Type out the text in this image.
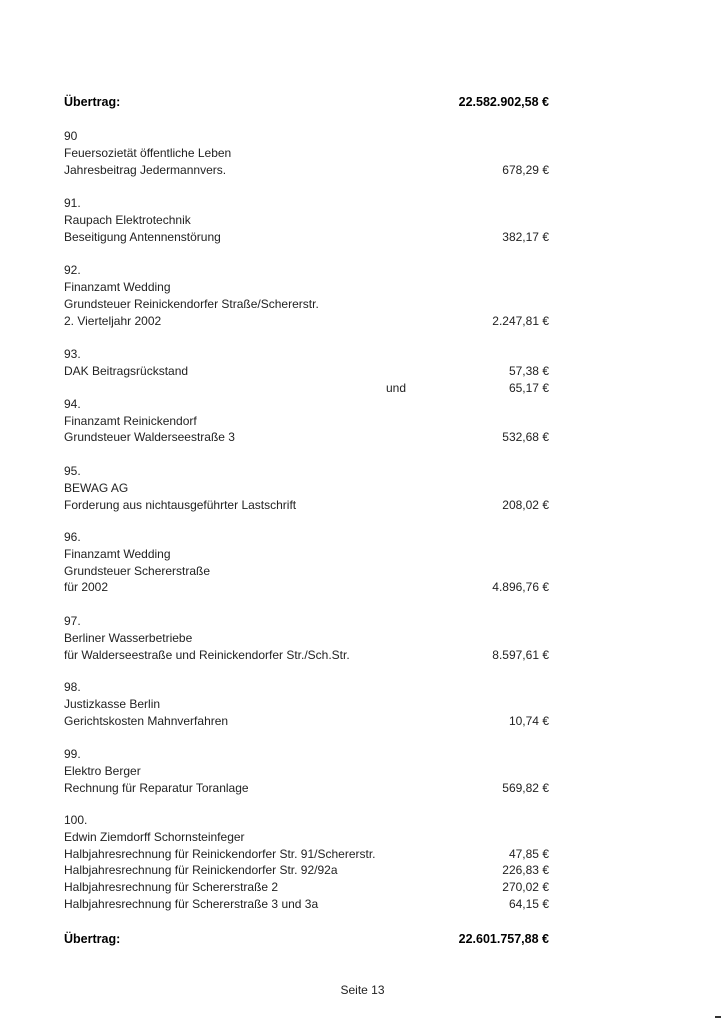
Übertrag:	22.582.902,58 €
90
Feuersozietät öffentliche Leben
Jahresbeitrag Jedermannvers.	678,29 €
91.
Raupach Elektrotechnik
Beseitigung Antennenstörung	382,17 €
92.
Finanzamt Wedding
Grundsteuer Reinickendorfer Straße/Schererstr.
2. Vierteljahr 2002	2.247,81 €
93.
DAK Beitragsrückstand	57,38 €
und	65,17 €
94.
Finanzamt Reinickendorf
Grundsteuer Walderseestraße 3	532,68 €
95.
BEWAG AG
Forderung aus nichtausgeführter Lastschrift	208,02 €
96.
Finanzamt Wedding
Grundsteuer Schererstraße
für 2002	4.896,76 €
97.
Berliner Wasserbetriebe
für Walderseestraße und Reinickendorfer Str./Sch.Str.	8.597,61 €
98.
Justizkasse Berlin
Gerichtskosten Mahnverfahren	10,74 €
99.
Elektro Berger
Rechnung für Reparatur Toranlage	569,82 €
100.
Edwin Ziemdorff Schornsteinfeger
Halbjahresrechnung für Reinickendorfer Str. 91/Schererstr.	47,85 €
Halbjahresrechnung für Reinickendorfer Str. 92/92a	226,83 €
Halbjahresrechnung für Schererstraße 2	270,02 €
Halbjahresrechnung für Schererstraße 3 und 3a	64,15 €
Übertrag:	22.601.757,88 €
Seite 13
